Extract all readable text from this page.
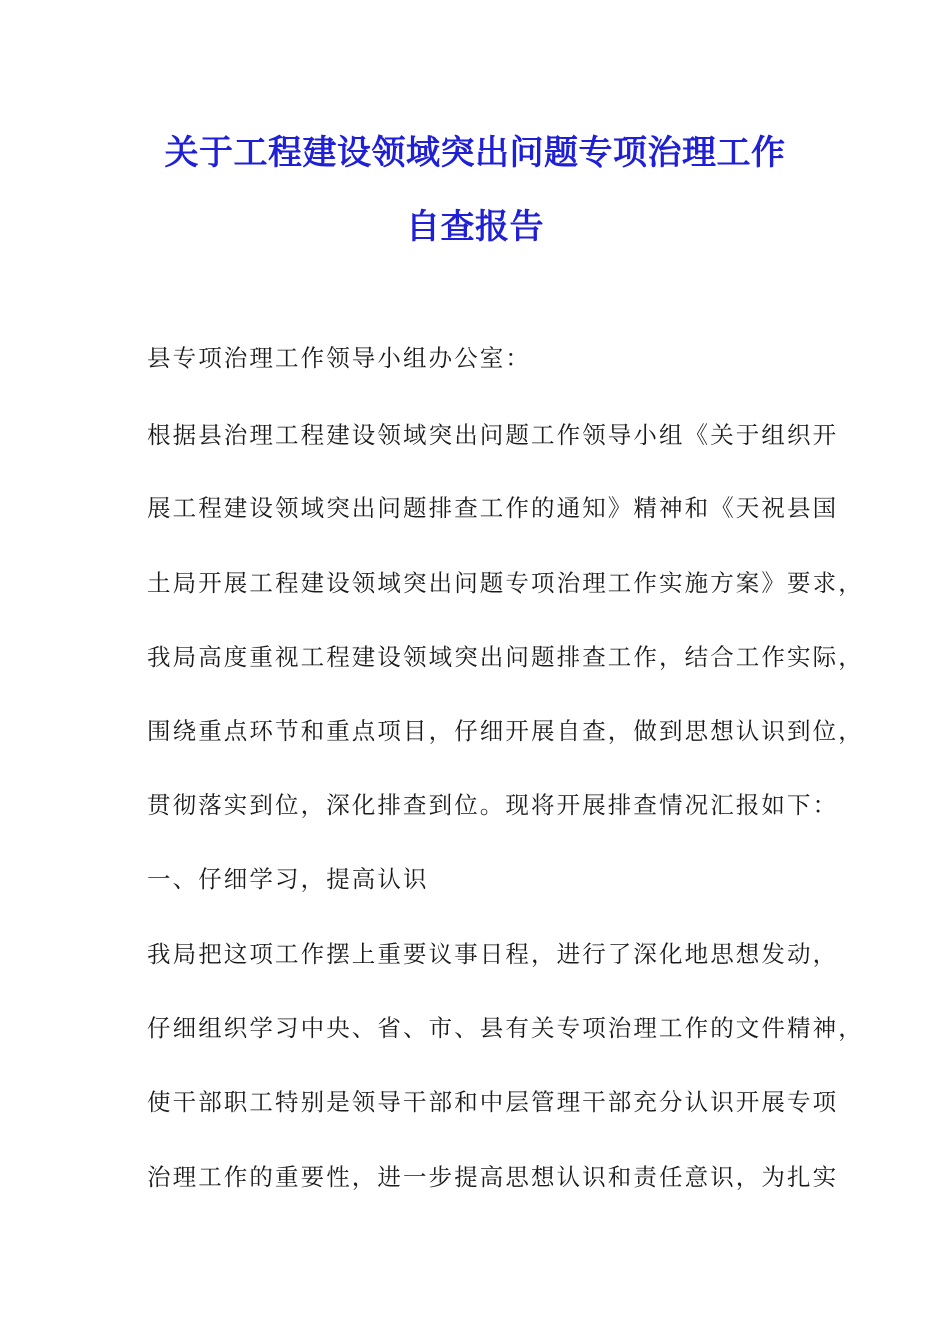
关于工程建设领域突出问题专项治理工作
自查报告

县专项治理工作领导小组办公室：

根据县治理工程建设领域突出问题工作领导小组《关于组织开

展工程建设领域突出问题排查工作的通知》精神和《天祝县国

土局开展工程建设领域突出问题专项治理工作实施方案》要求，

我局高度重视工程建设领域突出问题排查工作，结合工作实际，

围绕重点环节和重点项目，仔细开展自查，做到思想认识到位，

贯彻落实到位，深化排查到位。现将开展排查情况汇报如下：

一、仔细学习，提高认识

我局把这项工作摆上重要议事日程，进行了深化地思想发动，

仔细组织学习中央、省、市、县有关专项治理工作的文件精神，

使干部职工特别是领导干部和中层管理干部充分认识开展专项

治理工作的重要性，进一步提高思想认识和责任意识，为扎实
